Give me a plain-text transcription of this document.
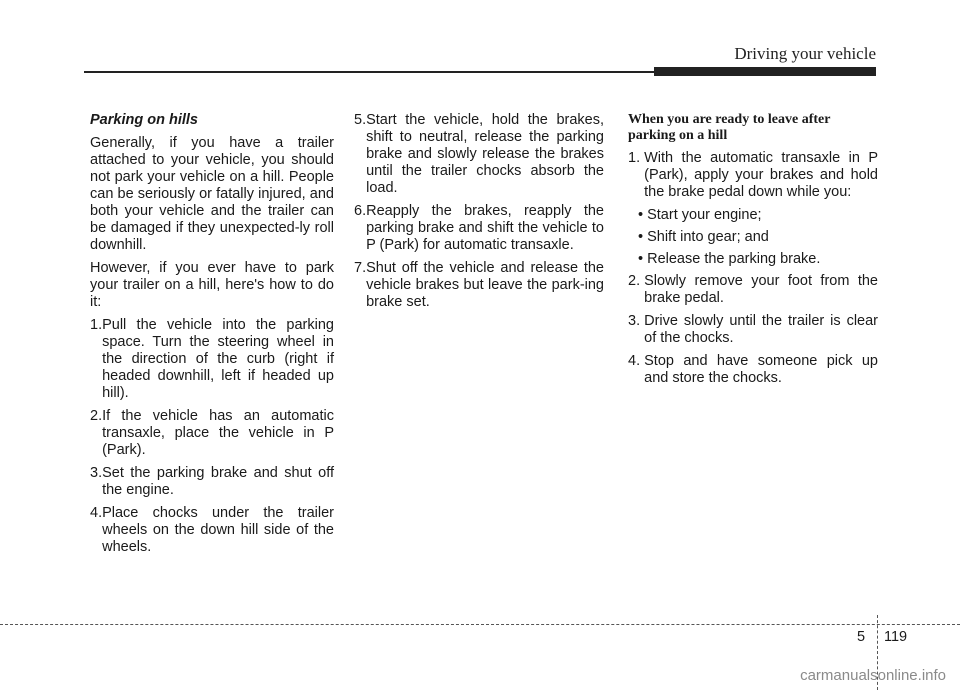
Driving your vehicle
Parking on hills

Generally, if you have a trailer attached to your vehicle, you should not park your vehicle on a hill. People can be seriously or fatally injured, and both your vehicle and the trailer can be damaged if they unexpected-ly roll downhill.

However, if you ever have to park your trailer on a hill, here's how to do it:

1. Pull the vehicle into the parking space. Turn the steering wheel in the direction of the curb (right if headed downhill, left if headed up hill).
2. If the vehicle has an automatic transaxle, place the vehicle in P (Park).
3. Set the parking brake and shut off the engine.
4. Place chocks under the trailer wheels on the down hill side of the wheels.
5. Start the vehicle, hold the brakes, shift to neutral, release the parking brake and slowly release the brakes until the trailer chocks absorb the load.
6. Reapply the brakes, reapply the parking brake and shift the vehicle to P (Park) for automatic transaxle.
7. Shut off the vehicle and release the vehicle brakes but leave the park-ing brake set.
When you are ready to leave after parking on a hill
1. With the automatic transaxle in P (Park), apply your brakes and hold the brake pedal down while you:
• Start your engine;
• Shift into gear; and
• Release the parking brake.
2. Slowly remove your foot from the brake pedal.
3. Drive slowly until the trailer is clear of the chocks.
4. Stop and have someone pick up and store the chocks.
5 119
carmanualsonline.info
